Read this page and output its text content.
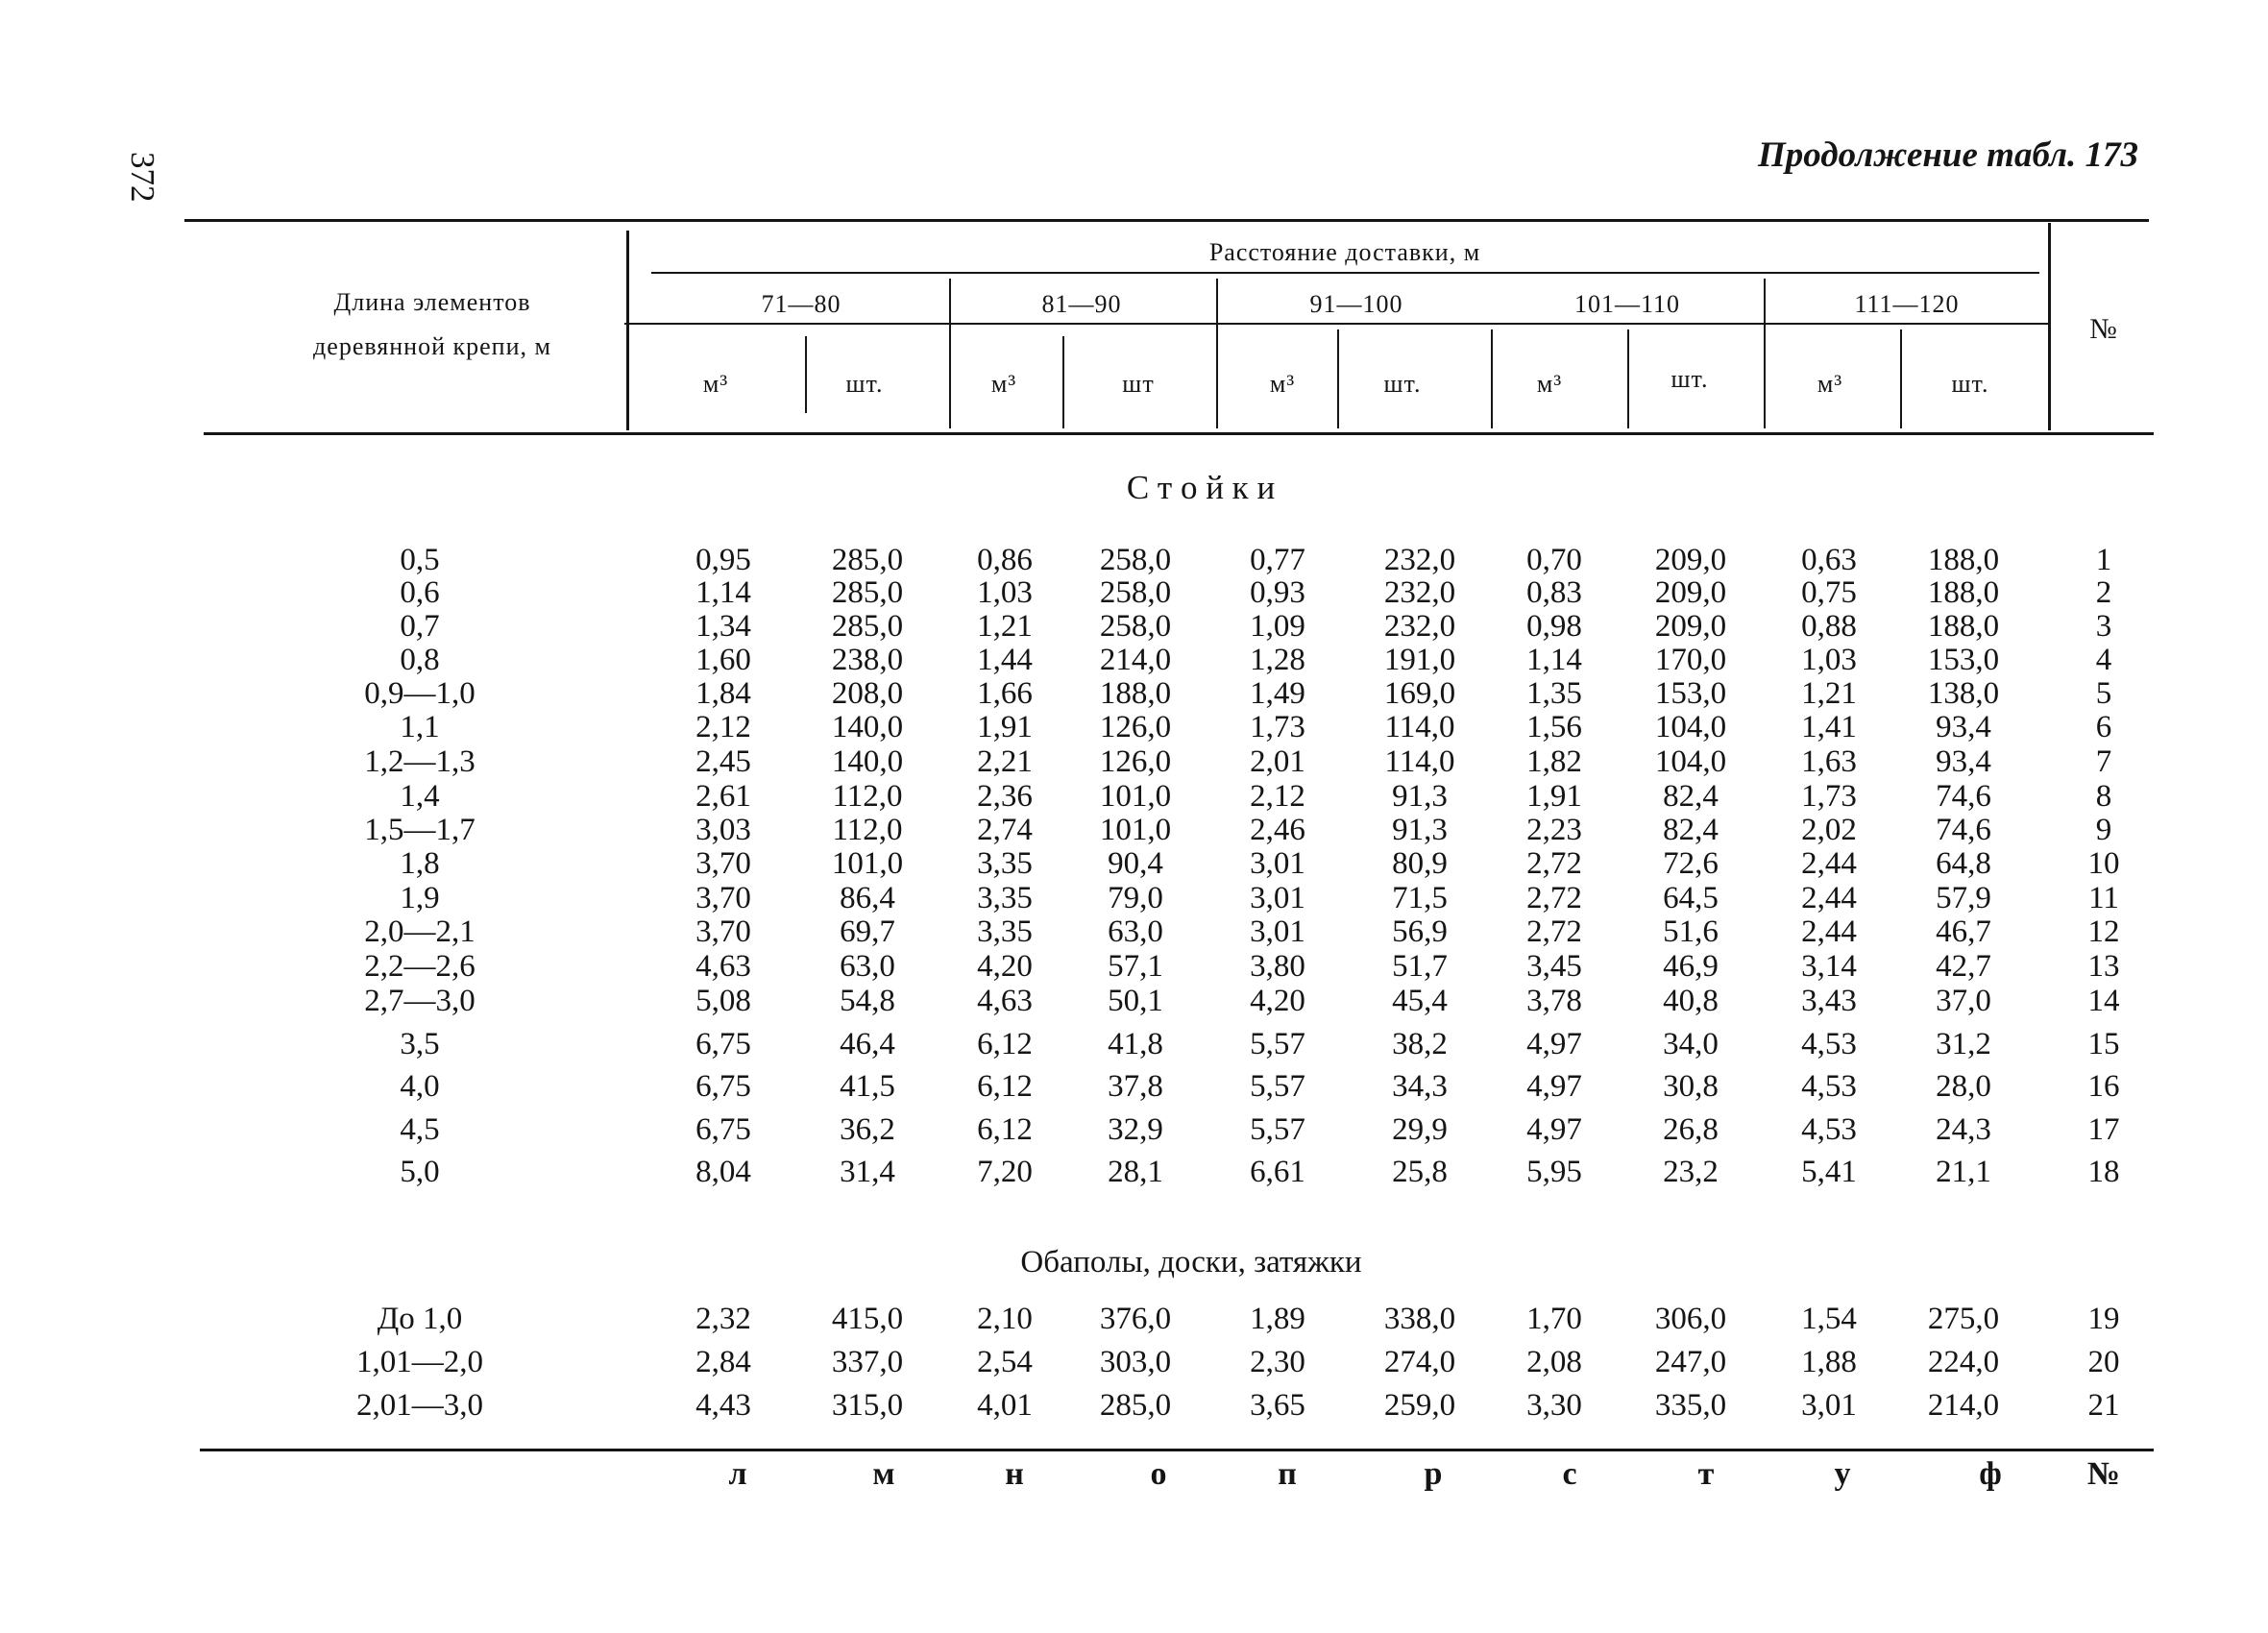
372	Продолжение табл. 173
Длина элементов
деревянной крепи, м
Расстояние доставки, м
71—80	81—90	91—100	101—110	111—120
м³	шт.	м³	шт	м³	шт.	м³	шт.	м³	шт.
№
С т о й к и
Обаполы, доски, затяжки
0,5	0,95	285,0	0,86	258,0	0,77	232,0	0,70	209,0	0,63	188,0	1
0,6	1,14	285,0	1,03	258,0	0,93	232,0	0,83	209,0	0,75	188,0	2
0,7	1,34	285,0	1,21	258,0	1,09	232,0	0,98	209,0	0,88	188,0	3
0,8	1,60	238,0	1,44	214,0	1,28	191,0	1,14	170,0	1,03	153,0	4
0,9—1,0	1,84	208,0	1,66	188,0	1,49	169,0	1,35	153,0	1,21	138,0	5
1,1	2,12	140,0	1,91	126,0	1,73	114,0	1,56	104,0	1,41	93,4	6
1,2—1,3	2,45	140,0	2,21	126,0	2,01	114,0	1,82	104,0	1,63	93,4	7
1,4	2,61	112,0	2,36	101,0	2,12	91,3	1,91	82,4	1,73	74,6	8
1,5—1,7	3,03	112,0	2,74	101,0	2,46	91,3	2,23	82,4	2,02	74,6	9
1,8	3,70	101,0	3,35	90,4	3,01	80,9	2,72	72,6	2,44	64,8	10
1,9	3,70	86,4	3,35	79,0	3,01	71,5	2,72	64,5	2,44	57,9	11
2,0—2,1	3,70	69,7	3,35	63,0	3,01	56,9	2,72	51,6	2,44	46,7	12
2,2—2,6	4,63	63,0	4,20	57,1	3,80	51,7	3,45	46,9	3,14	42,7	13
2,7—3,0	5,08	54,8	4,63	50,1	4,20	45,4	3,78	40,8	3,43	37,0	14
3,5	6,75	46,4	6,12	41,8	5,57	38,2	4,97	34,0	4,53	31,2	15
4,0	6,75	41,5	6,12	37,8	5,57	34,3	4,97	30,8	4,53	28,0	16
4,5	6,75	36,2	6,12	32,9	5,57	29,9	4,97	26,8	4,53	24,3	17
5,0	8,04	31,4	7,20	28,1	6,61	25,8	5,95	23,2	5,41	21,1	18
До 1,0	2,32	415,0	2,10	376,0	1,89	338,0	1,70	306,0	1,54	275,0	19
1,01—2,0	2,84	337,0	2,54	303,0	2,30	274,0	2,08	247,0	1,88	224,0	20
2,01—3,0	4,43	315,0	4,01	285,0	3,65	259,0	3,30	335,0	3,01	214,0	21
л	м	н	о	п	р	с	т	у	ф	№
